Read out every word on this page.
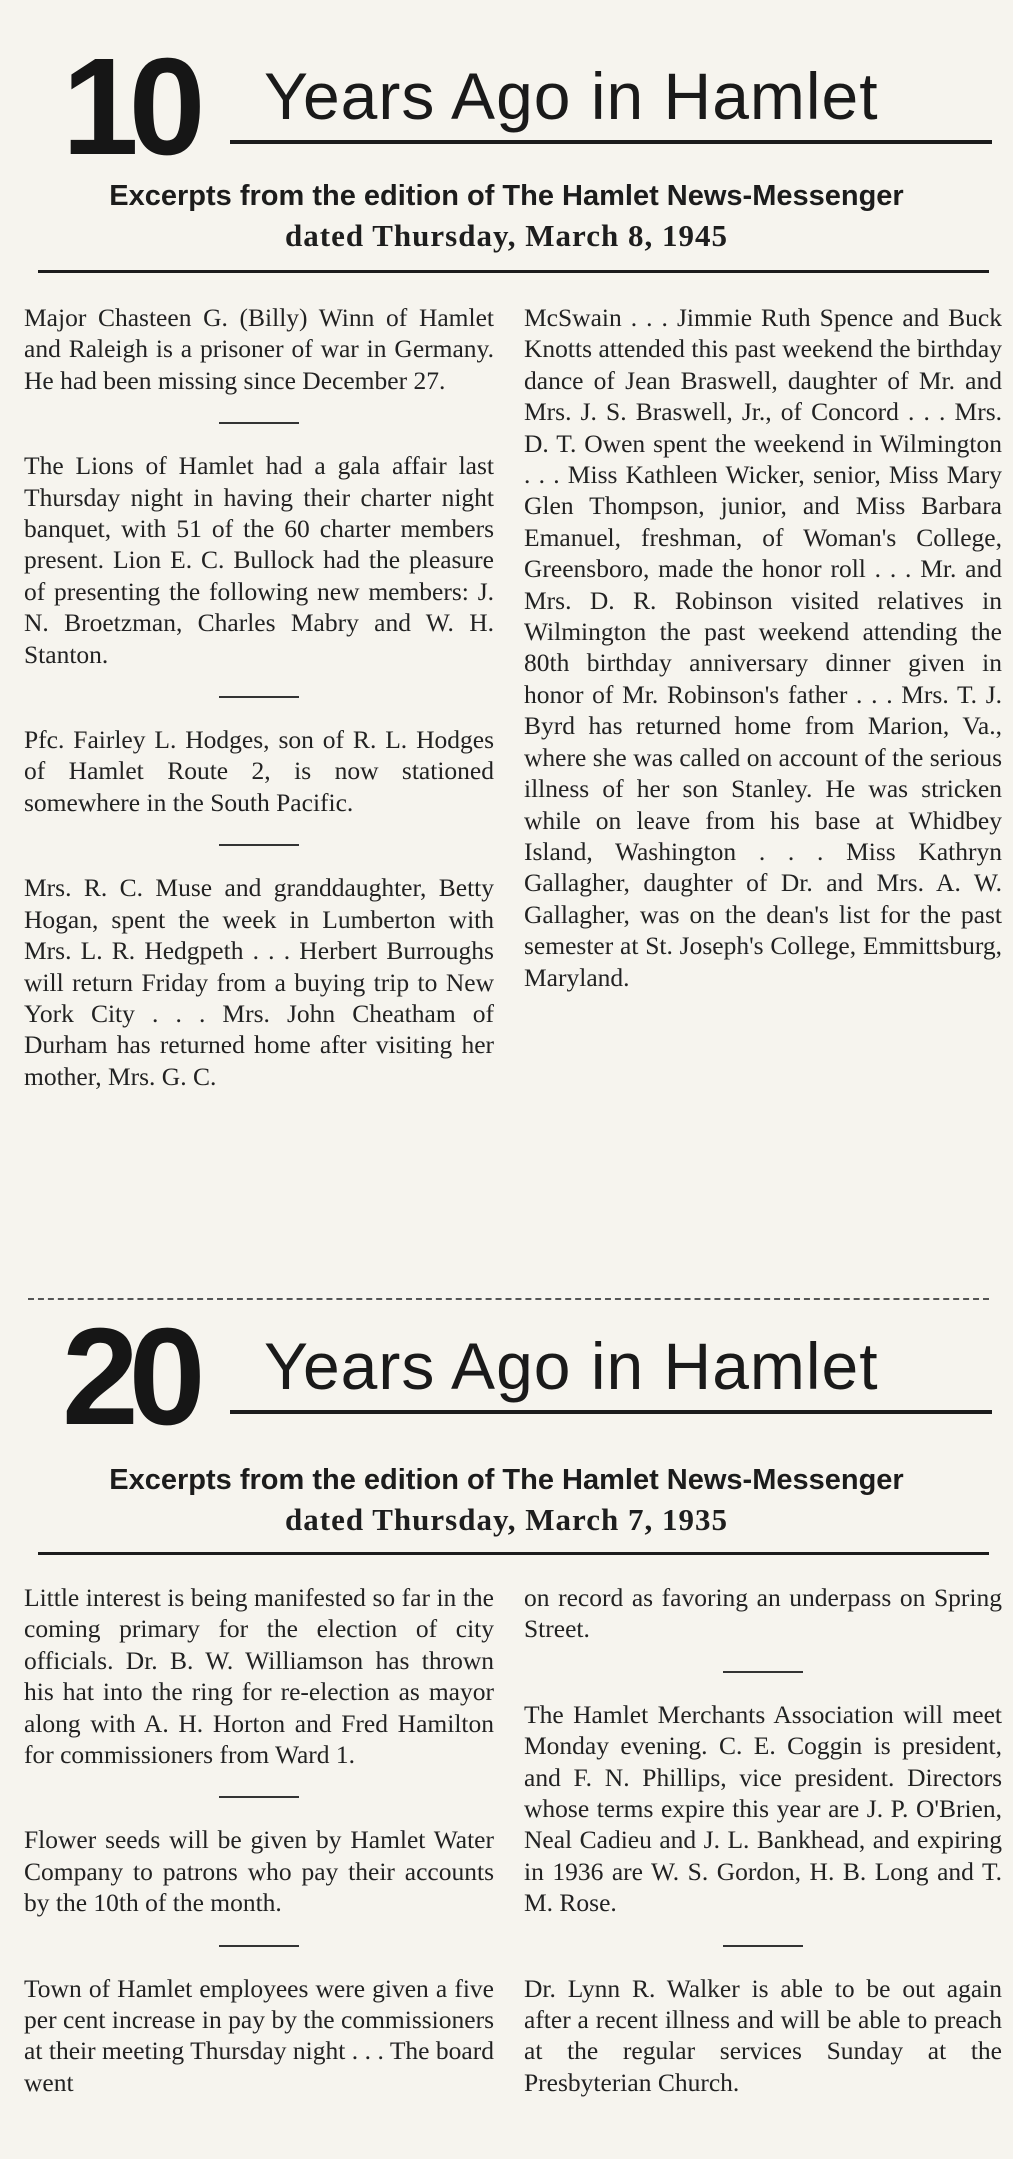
10 Years Ago in Hamlet
Excerpts from the edition of The Hamlet News-Messenger
dated Thursday, March 8, 1945

Major Chasteen G. (Billy) Winn of Hamlet and Raleigh is a prisoner of war in Germany. He had been missing since December 27.

The Lions of Hamlet had a gala affair last Thursday night in having their charter night banquet, with 51 of the 60 charter members present. Lion E. C. Bullock had the pleasure of presenting the following new members: J. N. Broetzman, Charles Mabry and W. H. Stanton.

Pfc. Fairley L. Hodges, son of R. L. Hodges of Hamlet Route 2, is now stationed somewhere in the South Pacific.

Mrs. R. C. Muse and granddaughter, Betty Hogan, spent the week in Lumberton with Mrs. L. R. Hedgpeth . . . Herbert Burroughs will return Friday from a buying trip to New York City . . . Mrs. John Cheatham of Durham has returned home after visiting her mother, Mrs. G. C.

McSwain . . . Jimmie Ruth Spence and Buck Knotts attended this past weekend the birthday dance of Jean Braswell, daughter of Mr. and Mrs. J. S. Braswell, Jr., of Concord . . . Mrs. D. T. Owen spent the weekend in Wilmington . . . Miss Kathleen Wicker, senior, Miss Mary Glen Thompson, junior, and Miss Barbara Emanuel, freshman, of Woman's College, Greensboro, made the honor roll . . . Mr. and Mrs. D. R. Robinson visited relatives in Wilmington the past weekend attending the 80th birthday anniversary dinner given in honor of Mr. Robinson's father . . . Mrs. T. J. Byrd has returned home from Marion, Va., where she was called on account of the serious illness of her son Stanley. He was stricken while on leave from his base at Whidbey Island, Washington . . . Miss Kathryn Gallagher, daughter of Dr. and Mrs. A. W. Gallagher, was on the dean's list for the past semester at St. Joseph's College, Emmittsburg, Maryland.

20 Years Ago in Hamlet
Excerpts from the edition of The Hamlet News-Messenger
dated Thursday, March 7, 1935

Little interest is being manifested so far in the coming primary for the election of city officials. Dr. B. W. Williamson has thrown his hat into the ring for re-election as mayor along with A. H. Horton and Fred Hamilton for commissioners from Ward 1.

Flower seeds will be given by Hamlet Water Company to patrons who pay their accounts by the 10th of the month.

Town of Hamlet employees were given a five per cent increase in pay by the commissioners at their meeting Thursday night . . . The board went

on record as favoring an underpass on Spring Street.

The Hamlet Merchants Association will meet Monday evening. C. E. Coggin is president, and F. N. Phillips, vice president. Directors whose terms expire this year are J. P. O'Brien, Neal Cadieu and J. L. Bankhead, and expiring in 1936 are W. S. Gordon, H. B. Long and T. M. Rose.

Dr. Lynn R. Walker is able to be out again after a recent illness and will be able to preach at the regular services Sunday at the Presbyterian Church.
